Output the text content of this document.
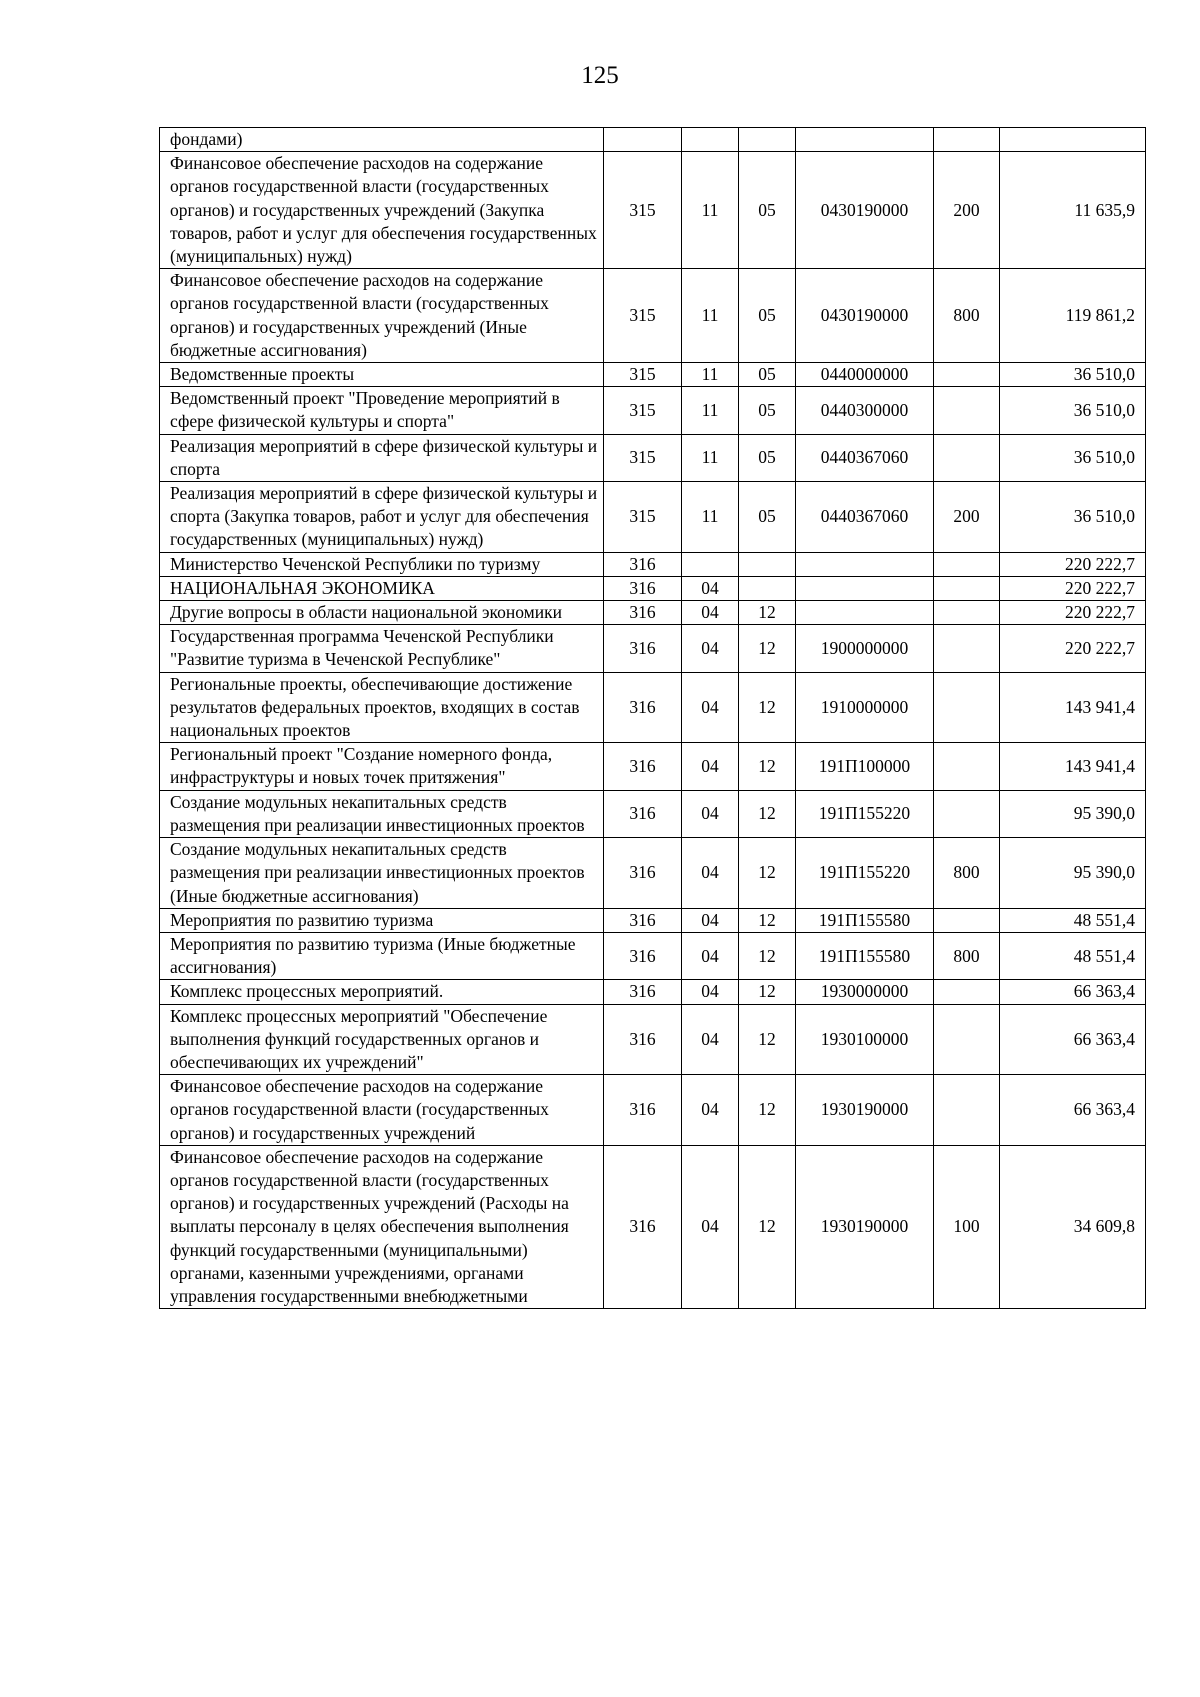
125
фондами)						
Финансовое обеспечение расходов на содержание органов государственной власти (государственных органов) и государственных учреждений (Закупка товаров, работ и услуг для обеспечения государственных (муниципальных) нужд)	315	11	05	0430190000	200	11 635,9
Финансовое обеспечение расходов на содержание органов государственной власти (государственных органов) и государственных учреждений (Иные бюджетные ассигнования)	315	11	05	0430190000	800	119 861,2
Ведомственные проекты	315	11	05	0440000000		36 510,0
Ведомственный проект "Проведение мероприятий в сфере физической культуры и спорта"	315	11	05	0440300000		36 510,0
Реализация мероприятий в сфере физической культуры и спорта	315	11	05	0440367060		36 510,0
Реализация мероприятий в сфере физической культуры и спорта (Закупка товаров, работ и услуг для обеспечения государственных (муниципальных) нужд)	315	11	05	0440367060	200	36 510,0
Министерство Чеченской Республики по туризму	316					220 222,7
НАЦИОНАЛЬНАЯ ЭКОНОМИКА	316	04				220 222,7
Другие вопросы в области национальной экономики	316	04	12			220 222,7
Государственная программа Чеченской Республики "Развитие туризма в Чеченской Республике"	316	04	12	1900000000		220 222,7
Региональные проекты, обеспечивающие достижение результатов федеральных проектов, входящих в состав национальных проектов	316	04	12	1910000000		143 941,4
Региональный проект "Создание номерного фонда, инфраструктуры и новых точек притяжения"	316	04	12	191П100000		143 941,4
Создание модульных некапитальных средств размещения при реализации инвестиционных проектов	316	04	12	191П155220		95 390,0
Создание модульных некапитальных средств размещения при реализации инвестиционных проектов (Иные бюджетные ассигнования)	316	04	12	191П155220	800	95 390,0
Мероприятия по развитию туризма	316	04	12	191П155580		48 551,4
Мероприятия по развитию туризма (Иные бюджетные ассигнования)	316	04	12	191П155580	800	48 551,4
Комплекс процессных мероприятий.	316	04	12	1930000000		66 363,4
Комплекс процессных мероприятий "Обеспечение выполнения функций государственных органов и обеспечивающих их учреждений"	316	04	12	1930100000		66 363,4
Финансовое обеспечение расходов на содержание органов государственной власти (государственных органов) и государственных учреждений	316	04	12	1930190000		66 363,4
Финансовое обеспечение расходов на содержание органов государственной власти (государственных органов) и государственных учреждений (Расходы на выплаты персоналу в целях обеспечения выполнения функций государственными (муниципальными) органами, казенными учреждениями, органами управления государственными внебюджетными	316	04	12	1930190000	100	34 609,8
